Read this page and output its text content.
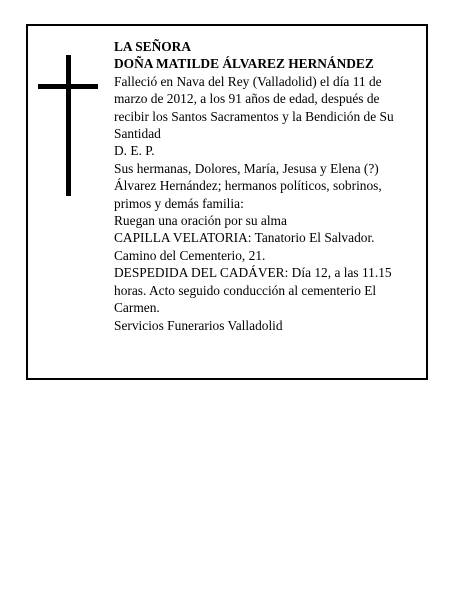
LA SEÑORA

DOÑA MATILDE ÁLVAREZ HERNÁNDEZ

Falleció en Nava del Rey (Valladolid) el día 11 de marzo de 2012, a los 91 años de edad, después de recibir los Santos Sacramentos y la Bendición de Su Santidad

D. E. P.

Sus hermanas, Dolores, María, Jesusa y Elena (?) Álvarez Hernández; hermanos políticos, sobrinos, primos y demás familia:

Ruegan una oración por su alma

CAPILLA VELATORIA: Tanatorio El Salvador. Camino del Cementerio, 21.

DESPEDIDA DEL CADÁVER: Día 12, a las 11.15 horas. Acto seguido conducción al cementerio El Carmen.

Servicios Funerarios Valladolid
